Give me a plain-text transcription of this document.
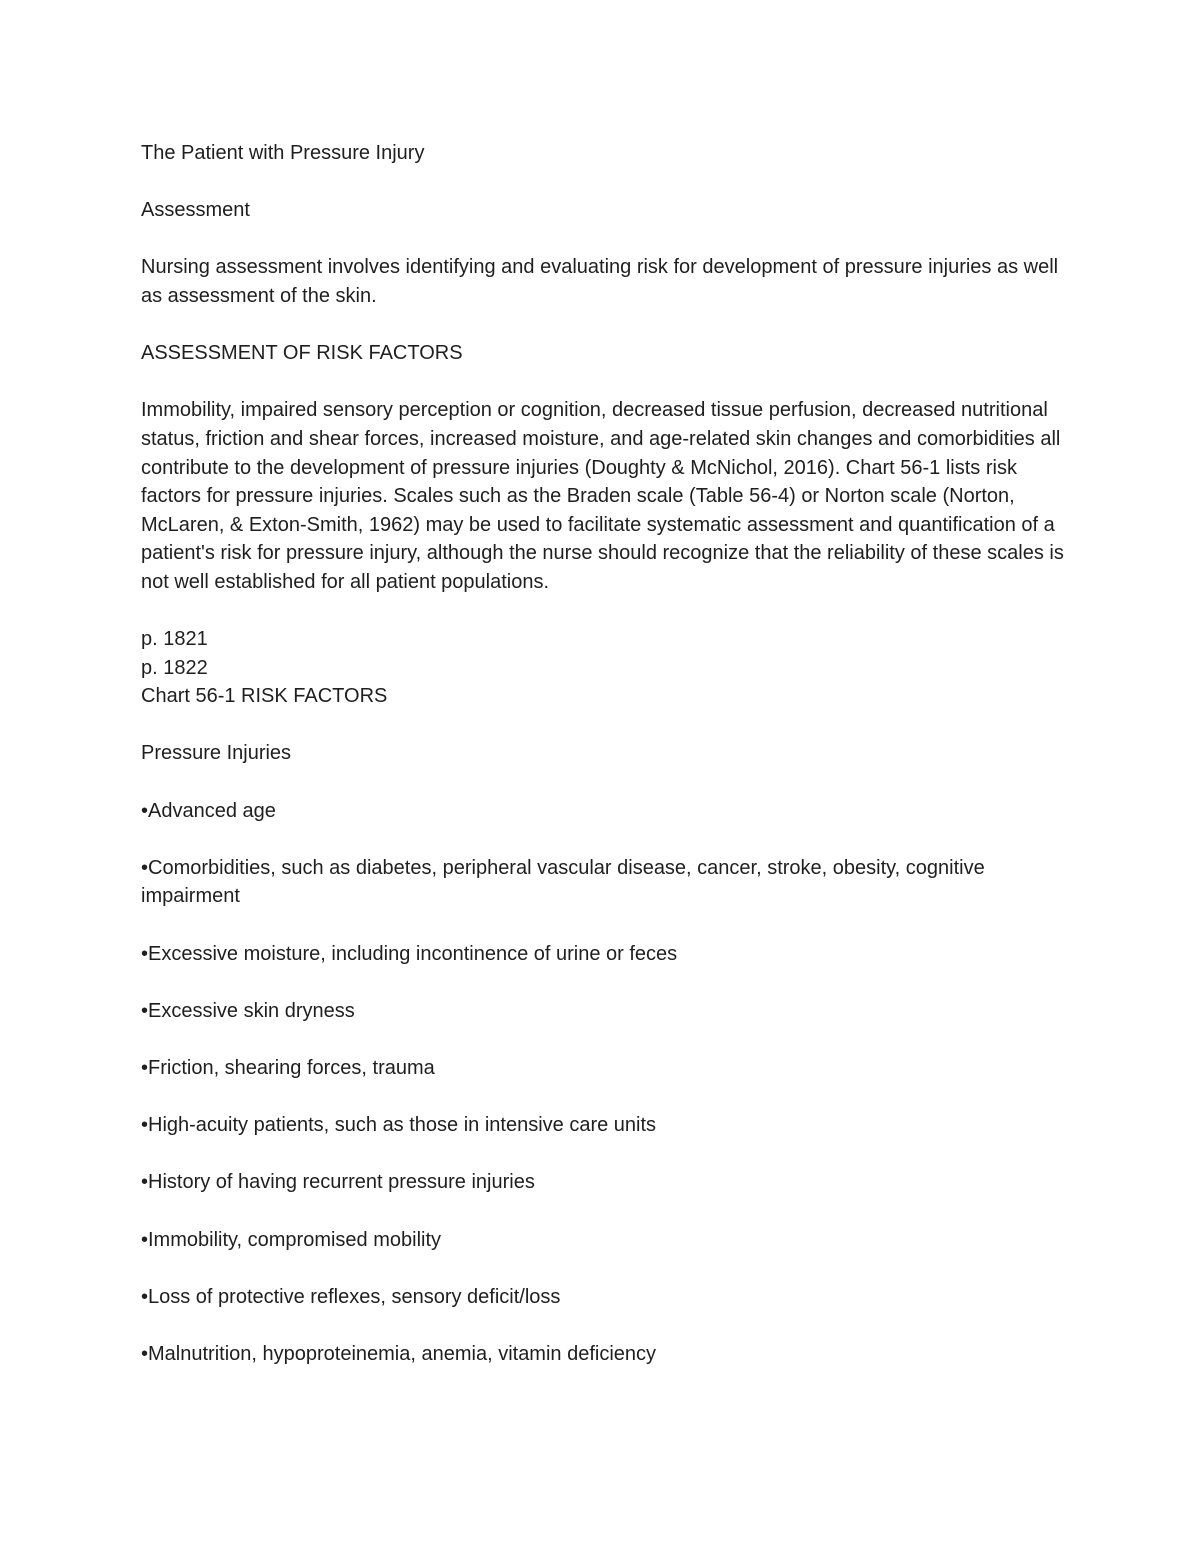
The Patient with Pressure Injury

Assessment

Nursing assessment involves identifying and evaluating risk for development of pressure injuries as well as assessment of the skin.

ASSESSMENT OF RISK FACTORS

Immobility, impaired sensory perception or cognition, decreased tissue perfusion, decreased nutritional status, friction and shear forces, increased moisture, and age-related skin changes and comorbidities all contribute to the development of pressure injuries (Doughty & McNichol, 2016). Chart 56-1 lists risk factors for pressure injuries. Scales such as the Braden scale (Table 56-4) or Norton scale (Norton, McLaren, & Exton-Smith, 1962) may be used to facilitate systematic assessment and quantification of a patient's risk for pressure injury, although the nurse should recognize that the reliability of these scales is not well established for all patient populations.

p. 1821

p. 1822

Chart 56-1 RISK FACTORS

Pressure Injuries

•Advanced age
•Comorbidities, such as diabetes, peripheral vascular disease, cancer, stroke, obesity, cognitive impairment
•Excessive moisture, including incontinence of urine or feces
•Excessive skin dryness
•Friction, shearing forces, trauma
•High-acuity patients, such as those in intensive care units
•History of having recurrent pressure injuries
•Immobility, compromised mobility
•Loss of protective reflexes, sensory deficit/loss
•Malnutrition, hypoproteinemia, anemia, vitamin deficiency
